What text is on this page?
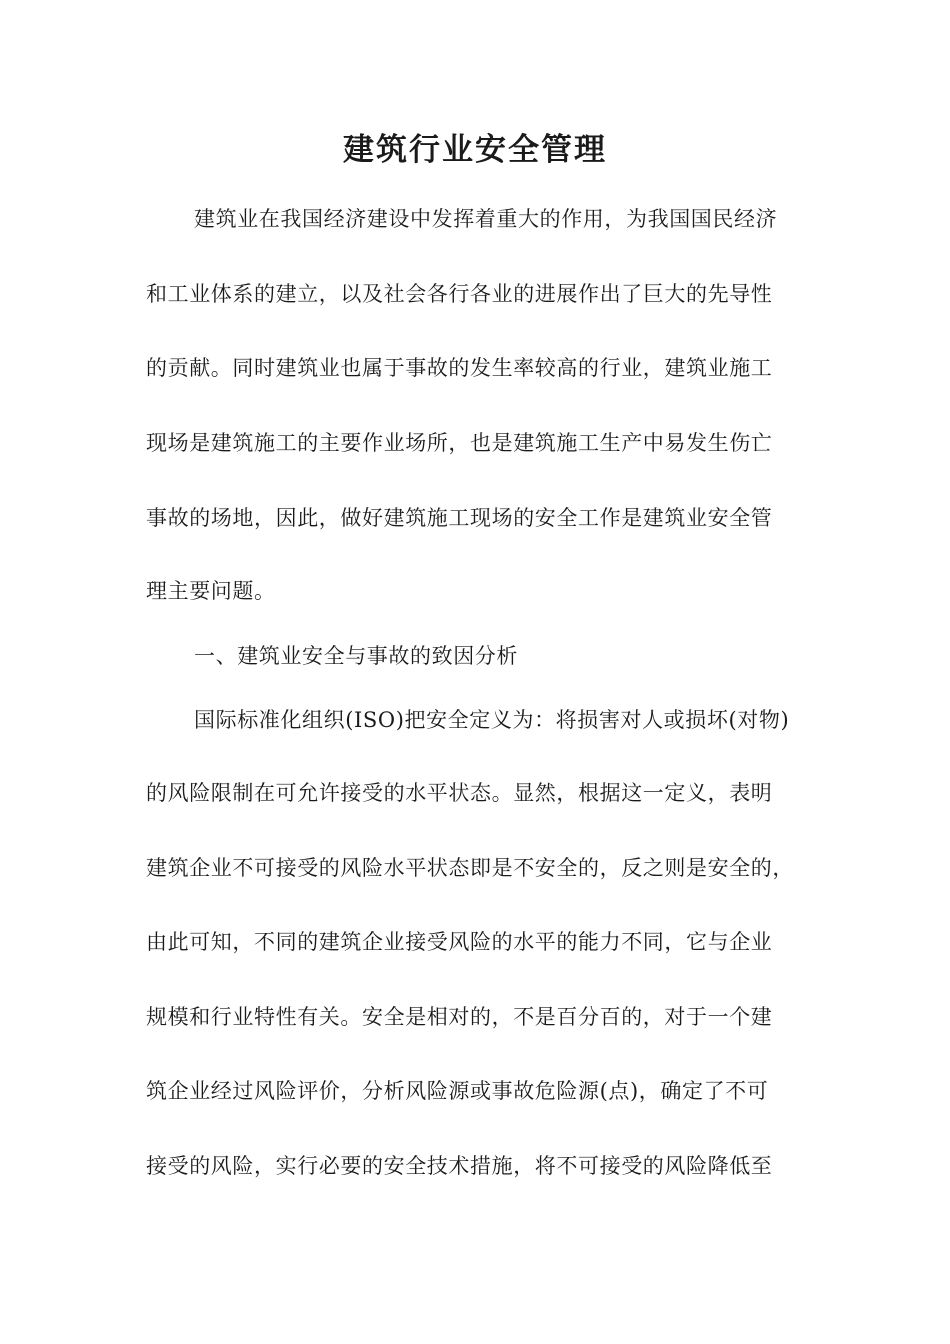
建筑行业安全管理
建筑业在我国经济建设中发挥着重大的作用，为我国国民经济
和工业体系的建立，以及社会各行各业的进展作出了巨大的先导性
的贡献。同时建筑业也属于事故的发生率较高的行业，建筑业施工
现场是建筑施工的主要作业场所，也是建筑施工生产中易发生伤亡
事故的场地，因此，做好建筑施工现场的安全工作是建筑业安全管
理主要问题。
一、建筑业安全与事故的致因分析
国际标准化组织(ISO)把安全定义为：将损害对人或损坏(对物)
的风险限制在可允许接受的水平状态。显然，根据这一定义，表明
建筑企业不可接受的风险水平状态即是不安全的，反之则是安全的，
由此可知，不同的建筑企业接受风险的水平的能力不同，它与企业
规模和行业特性有关。安全是相对的，不是百分百的，对于一个建
筑企业经过风险评价，分析风险源或事故危险源(点)，确定了不可
接受的风险，实行必要的安全技术措施，将不可接受的风险降低至
